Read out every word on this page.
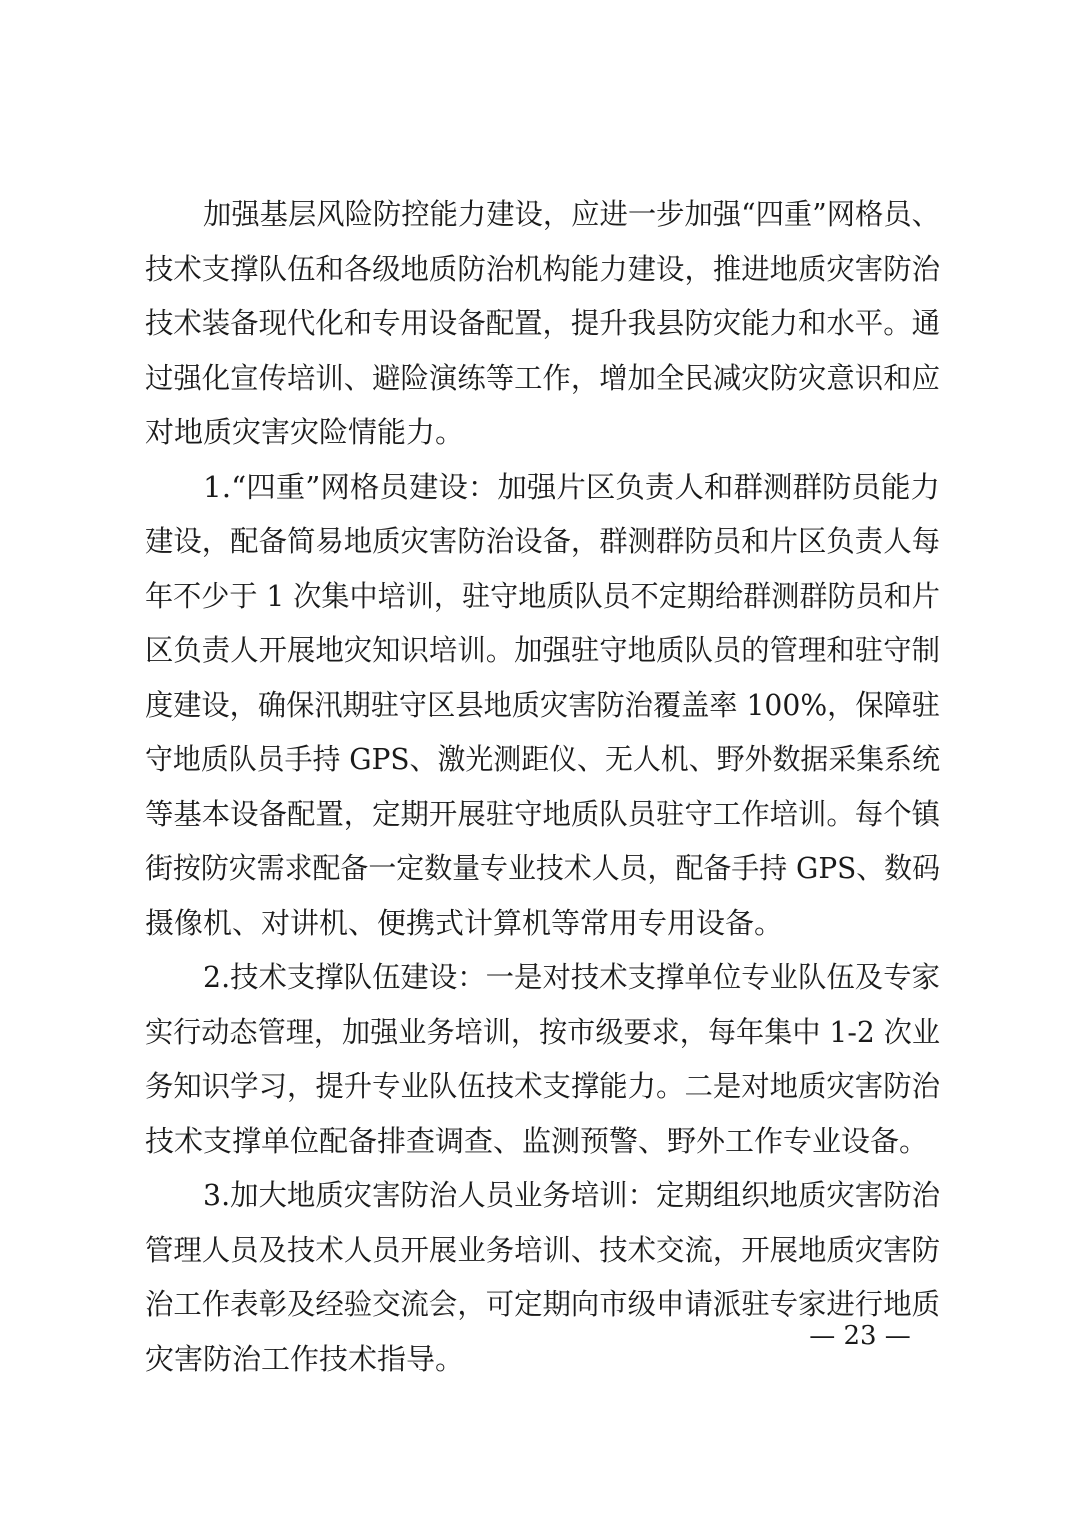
加强基层风险防控能力建设，应进一步加强“四重”网格员、
技术支撑队伍和各级地质防治机构能力建设，推进地质灾害防治
技术装备现代化和专用设备配置，提升我县防灾能力和水平。通
过强化宣传培训、避险演练等工作，增加全民减灾防灾意识和应
对地质灾害灾险情能力。
1.“四重”网格员建设：加强片区负责人和群测群防员能力
建设，配备简易地质灾害防治设备，群测群防员和片区负责人每
年不少于 1 次集中培训，驻守地质队员不定期给群测群防员和片
区负责人开展地灾知识培训。加强驻守地质队员的管理和驻守制
度建设，确保汛期驻守区县地质灾害防治覆盖率 100%，保障驻
守地质队员手持 GPS、激光测距仪、无人机、野外数据采集系统
等基本设备配置，定期开展驻守地质队员驻守工作培训。每个镇
街按防灾需求配备一定数量专业技术人员，配备手持 GPS、数码
摄像机、对讲机、便携式计算机等常用专用设备。
2.技术支撑队伍建设：一是对技术支撑单位专业队伍及专家
实行动态管理，加强业务培训，按市级要求，每年集中 1-2 次业
务知识学习，提升专业队伍技术支撑能力。二是对地质灾害防治
技术支撑单位配备排查调查、监测预警、野外工作专业设备。
3.加大地质灾害防治人员业务培训：定期组织地质灾害防治
管理人员及技术人员开展业务培训、技术交流，开展地质灾害防
治工作表彰及经验交流会，可定期向市级申请派驻专家进行地质
灾害防治工作技术指导。
— 23 —
